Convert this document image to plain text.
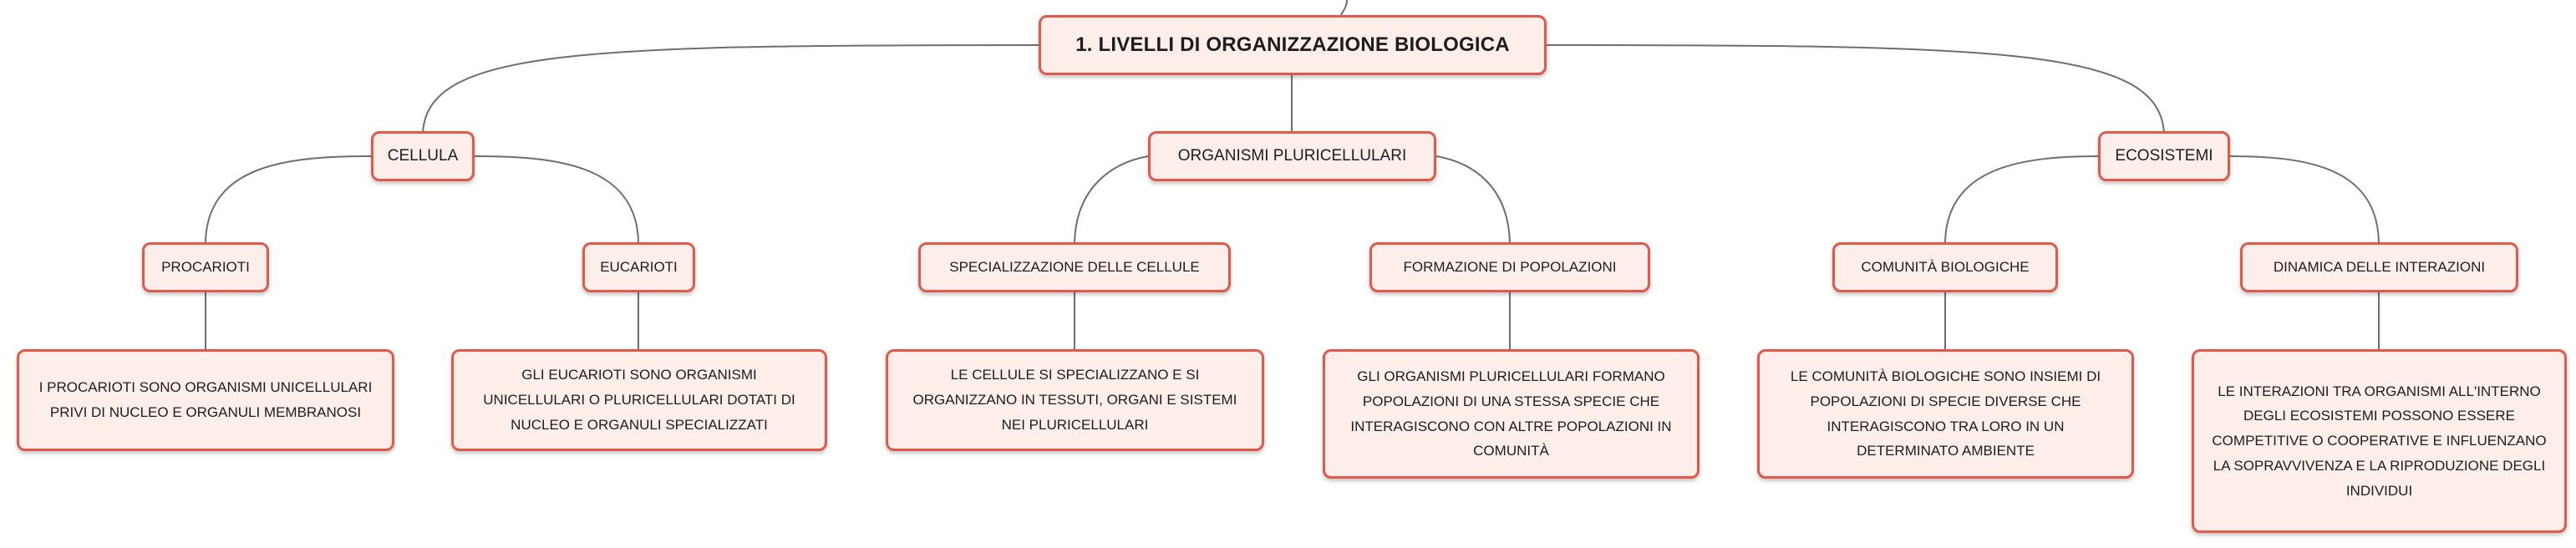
1. LIVELLI DI ORGANIZZAZIONE BIOLOGICA
CELLULA	ORGANISMI PLURICELLULARI	ECOSISTEMI
PROCARIOTI	EUCARIOTI	SPECIALIZZAZIONE DELLE CELLULE	FORMAZIONE DI POPOLAZIONI	COMUNITÀ BIOLOGICHE	DINAMICA DELLE INTERAZIONI
I PROCARIOTI SONO ORGANISMI UNICELLULARI PRIVI DI NUCLEO E ORGANULI MEMBRANOSI
GLI EUCARIOTI SONO ORGANISMI UNICELLULARI O PLURICELLULARI DOTATI DI NUCLEO E ORGANULI SPECIALIZZATI
LE CELLULE SI SPECIALIZZANO E SI ORGANIZZANO IN TESSUTI, ORGANI E SISTEMI NEI PLURICELLULARI
GLI ORGANISMI PLURICELLULARI FORMANO POPOLAZIONI DI UNA STESSA SPECIE CHE INTERAGISCONO CON ALTRE POPOLAZIONI IN COMUNITÀ
LE COMUNITÀ BIOLOGICHE SONO INSIEMI DI POPOLAZIONI DI SPECIE DIVERSE CHE INTERAGISCONO TRA LORO IN UN DETERMINATO AMBIENTE
LE INTERAZIONI TRA ORGANISMI ALL'INTERNO DEGLI ECOSISTEMI POSSONO ESSERE COMPETITIVE O COOPERATIVE E INFLUENZANO LA SOPRAVVIVENZA E LA RIPRODUZIONE DEGLI INDIVIDUI
